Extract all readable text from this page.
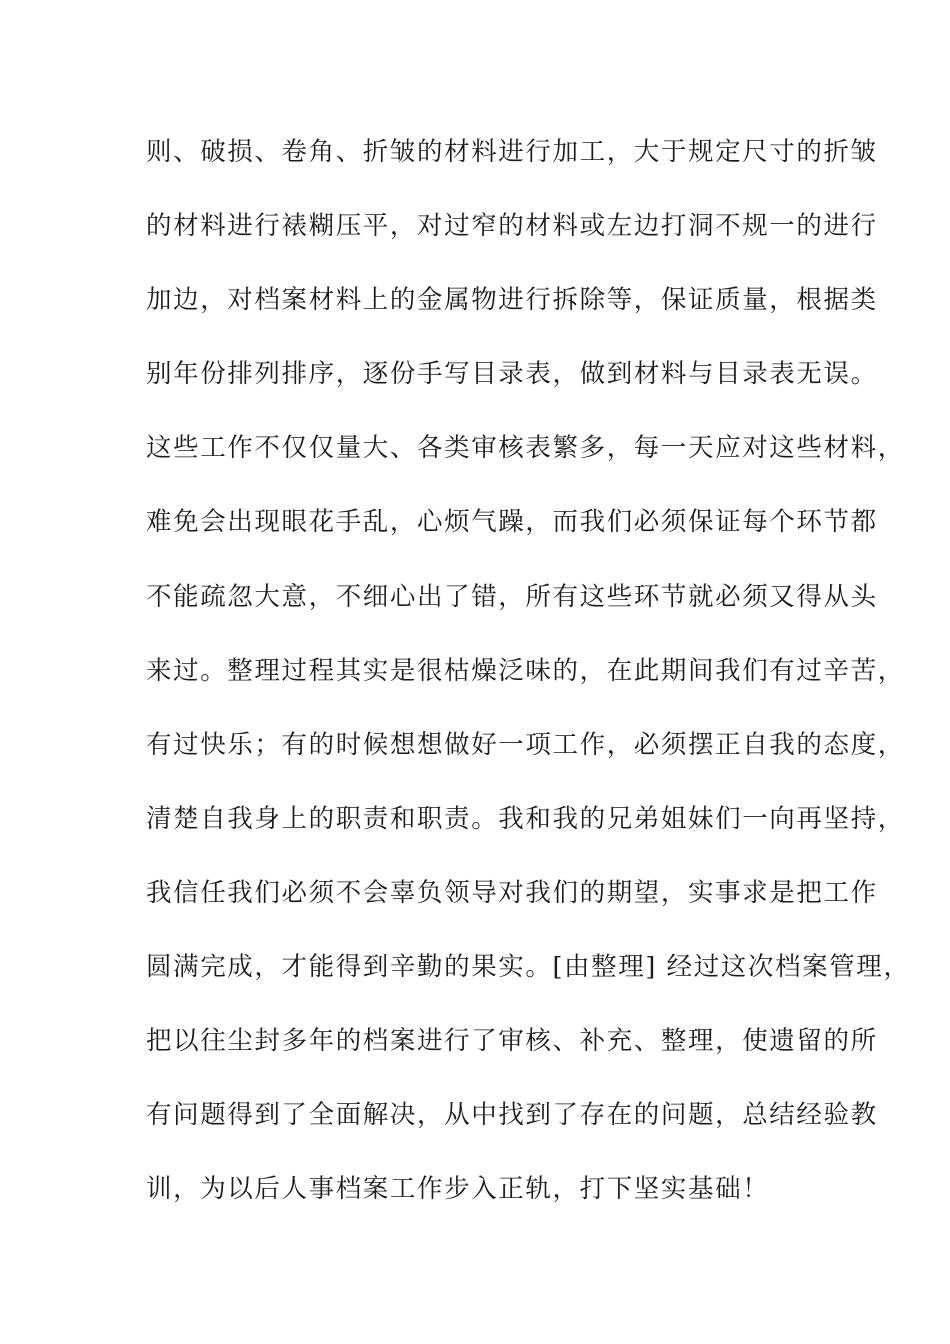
则、破损、卷角、折皱的材料进行加工，大于规定尺寸的折皱
的材料进行裱糊压平，对过窄的材料或左边打洞不规一的进行
加边，对档案材料上的金属物进行拆除等，保证质量，根据类
别年份排列排序，逐份手写目录表，做到材料与目录表无误。
这些工作不仅仅量大、各类审核表繁多，每一天应对这些材料，
难免会出现眼花手乱，心烦气躁，而我们必须保证每个环节都
不能疏忽大意，不细心出了错，所有这些环节就必须又得从头
来过。整理过程其实是很枯燥泛味的，在此期间我们有过辛苦，
有过快乐；有的时候想想做好一项工作，必须摆正自我的态度，
清楚自我身上的职责和职责。我和我的兄弟姐妹们一向再坚持，
我信任我们必须不会辜负领导对我们的期望，实事求是把工作
圆满完成，才能得到辛勤的果实。[由整理] 经过这次档案管理，
把以往尘封多年的档案进行了审核、补充、整理，使遗留的所
有问题得到了全面解决，从中找到了存在的问题，总结经验教
训，为以后人事档案工作步入正轨，打下坚实基础！
